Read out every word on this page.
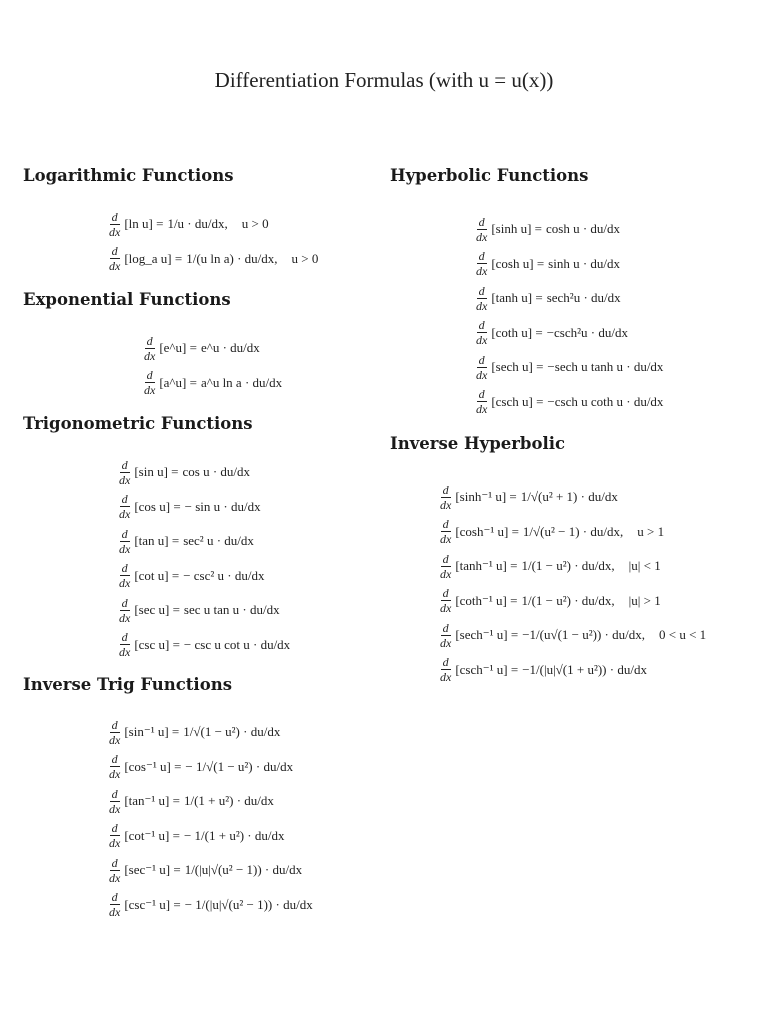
Differentiation Formulas (with u = u(x))
Logarithmic Functions
$\frac{d}{dx} [\ln$ u] = 1/u · du/dx, u > 0
$\frac{d}{dx}$ [log_a u] = 1/(u ln a) · du/dx, u > 0
Exponential Functions
$\frac{d}{dx}$ [e^u] = e^u · du/dx
$\frac{d}{dx}$ [a^u] = a^u ln a · du/dx
Trigonometric Functions
$\frac{d}{dx} [\sin$ u] = cos u · du/dx
$\frac{d}{dx} [\cos$ u] = − sin u · du/dx
$\frac{d}{dx} [\tan$ u] = sec² u · du/dx
$\frac{d}{dx} [\cot$ u] = − csc² u · du/dx
$\frac{d}{dx} [\sec$ u] = sec u tan u · du/dx
$\frac{d}{dx} [\csc$ u] = − csc u cot u · du/dx
Inverse Trig Functions
$\frac{d}{dx} [\sin^{-1}$ u] = 1/√(1 − u²) · du/dx
$\frac{d}{dx} [\cos^{-1}$ u] = − 1/√(1 − u²) · du/dx
$\frac{d}{dx} [\tan^{-1}$ u] = 1/(1 + u²) · du/dx
$\frac{d}{dx} [\cot^{-1}$ u] = − 1/(1 + u²) · du/dx
$\frac{d}{dx} [\sec^{-1}$ u] = 1/(|u|√(u² − 1)) · du/dx
$\frac{d}{dx} [\csc^{-1}$ u] = − 1/(|u|√(u² − 1)) · du/dx
Hyperbolic Functions
$\frac{d}{dx} [\sinh$ u] = cosh u · du/dx
$\frac{d}{dx} [\cosh$ u] = sinh u · du/dx
$\frac{d}{dx} [\tanh$ u] = sech²u · du/dx
$\frac{d}{dx} [\cot h$ u] = −csch²u · du/dx
$\frac{d}{dx} [\sec h$ u] = −sech u tanh u · du/dx
$\frac{d}{dx} [\csc h$ u] = −csch u coth u · du/dx
Inverse Hyperbolic
$\frac{d}{dx} [\sinh^{-1}$ u] = 1/√(u² + 1) · du/dx
$\frac{d}{dx} [\cosh^{-1}$ u] = 1/√(u² − 1) · du/dx, u > 1
$\frac{d}{dx} [\tanh^{-1}$ u] = 1/(1 − u²) · du/dx, |u| < 1
$\frac{d}{dx} [\cot h^{-1}$ u] = 1/(1 − u²) · du/dx, |u| > 1
$\frac{d}{dx} [\sec h^{-1}$ u] = −1/(u√(1 − u²)) · du/dx, 0 < u < 1
$\frac{d}{dx} [\csc h^{-1}$ u] = −1/(|u|√(1 + u²)) · du/dx
